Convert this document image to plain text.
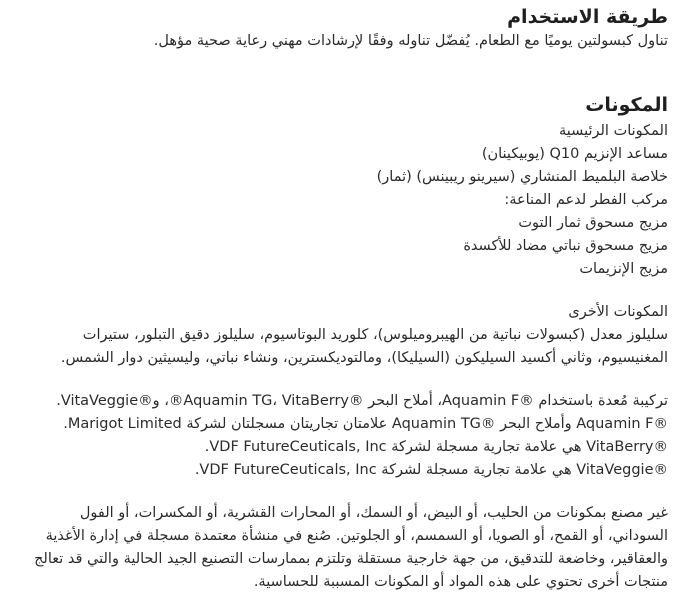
طريقة الاستخدام

تناول كبسولتين يوميًا مع الطعام. يُفضّل تناوله وفقًا لإرشادات مهني رعاية صحية مؤهل.

المكونات

المكونات الرئيسية

مساعد الإنزيم Q10 (يوبيكينان)

خلاصة البلميط المنشاري (سيرينو ريبينس) (ثمار)

مركب الفطر لدعم المناعة:

مزيج مسحوق ثمار التوت

مزيج مسحوق نباتي مضاد للأكسدة

مزيج الإنزيمات

المكونات الأخرى

سليلوز معدل (كبسولات نباتية من الهيبروميلوس)، كلوريد البوتاسيوم، سليلوز دقيق التبلور، ستيرات المغنيسيوم، وثاني أكسيد السيليكون (السيليكا)، ومالتوديكسترين، ونشاء نباتي، وليسيثين دوار الشمس.

تركيبة مُعدة باستخدام ®Aquamin F، أملاح البحر ®Aquamin TG، VitaBerry®، و®VitaVeggie.

®Aquamin F وأملاح البحر ®Aquamin TG علامتان تجاريتان مسجلتان لشركة Marigot Limited.

®VitaBerry هي علامة تجارية مسجلة لشركة VDF FutureCeuticals, Inc.

®VitaVeggie هي علامة تجارية مسجلة لشركة VDF FutureCeuticals, Inc.

غير مصنع بمكونات من الحليب، أو البيض، أو السمك، أو المحارات القشرية، أو المكسرات، أو الفول السوداني، أو القمح، أو الصويا، أو السمسم، أو الجلوتين. صُنع في منشأة معتمدة مسجلة في إدارة الأغذية والعقاقير، وخاضعة للتدقيق، من جهة خارجية مستقلة وتلتزم بممارسات التصنيع الجيد الحالية والتي قد تعالج منتجات أخرى تحتوي على هذه المواد أو المكونات المسببة للحساسية.
